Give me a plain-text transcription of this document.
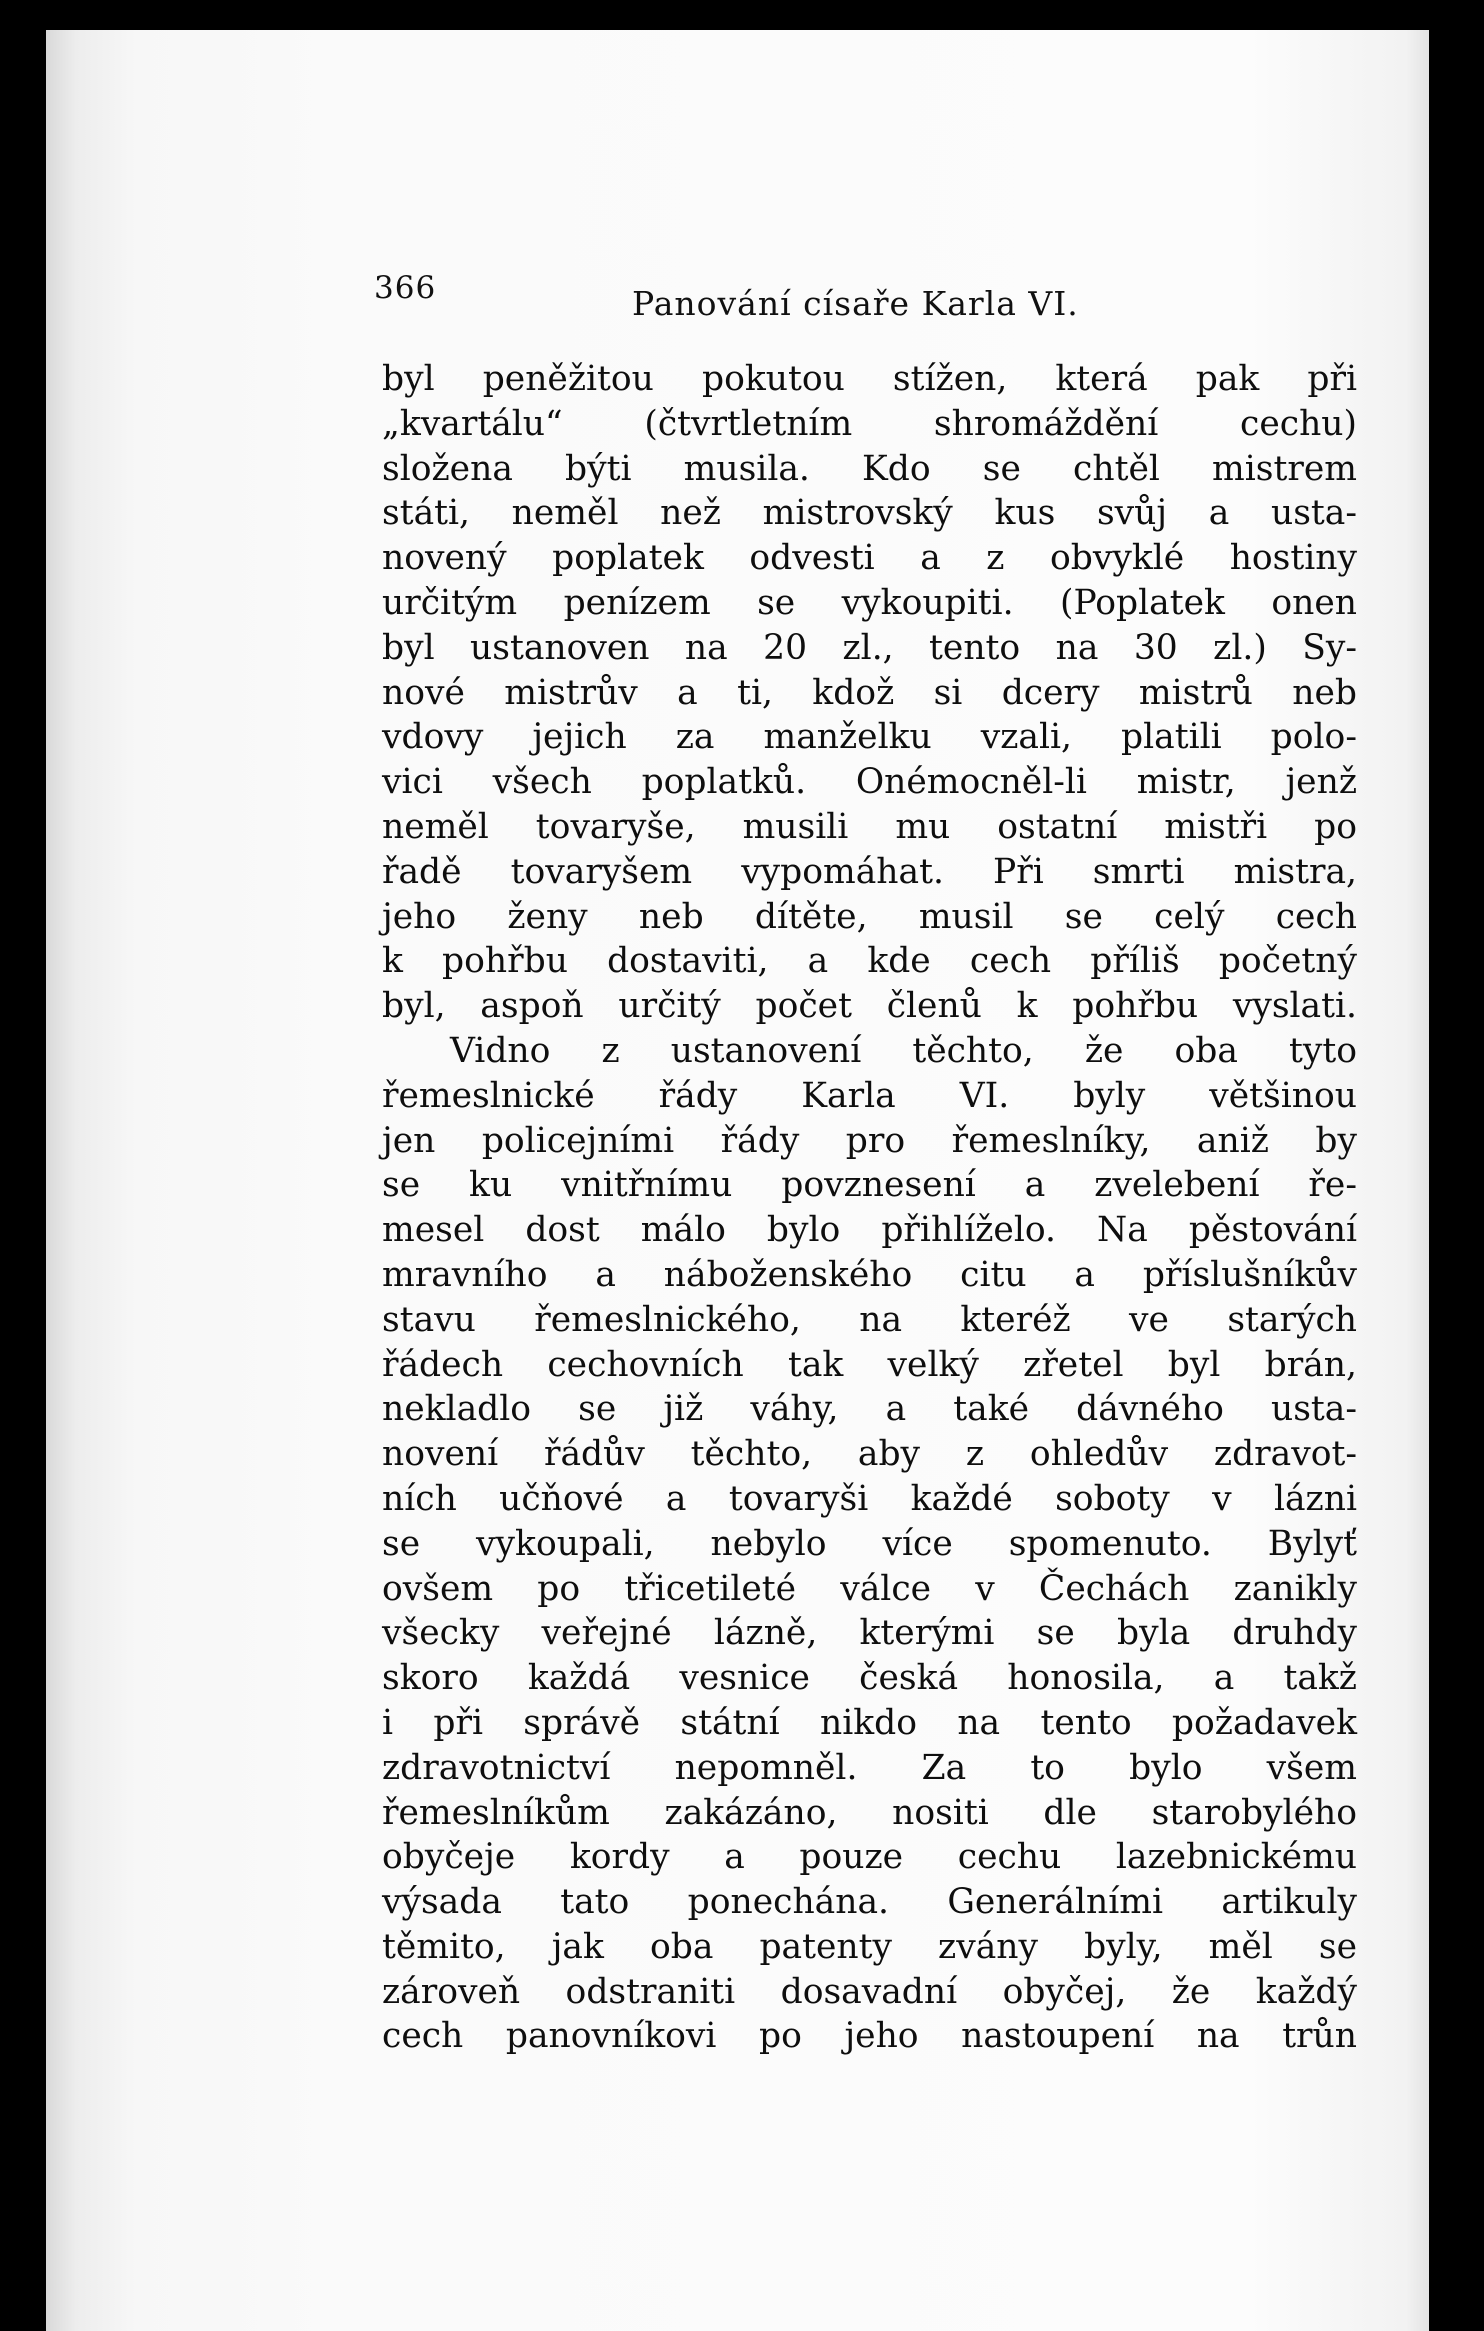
366	Panování císaře Karla VI.
byl peněžitou pokutou stížen, která pak při
„kvartálu“ (čtvrtletním shromáždění cechu)
složena býti musila. Kdo se chtěl mistrem
státi, neměl než mistrovský kus svůj a usta-
novený poplatek odvesti a z obvyklé hostiny
určitým penízem se vykoupiti. (Poplatek onen
byl ustanoven na 20 zl., tento na 30 zl.) Sy-
nové mistrův a ti, kdož si dcery mistrů neb
vdovy jejich za manželku vzali, platili polo-
vici všech poplatků. Onémocněl-li mistr, jenž
neměl tovaryše, musili mu ostatní mistři po
řadě tovaryšem vypomáhat. Při smrti mistra,
jeho ženy neb dítěte, musil se celý cech
k pohřbu dostaviti, a kde cech příliš početný
byl, aspoň určitý počet členů k pohřbu vyslati.
Vidno z ustanovení těchto, že oba tyto
řemeslnické řády Karla VI. byly většinou
jen policejními řády pro řemeslníky, aniž by
se ku vnitřnímu povznesení a zvelebení ře-
mesel dost málo bylo přihlíželo. Na pěstování
mravního a náboženského citu a příslušníkův
stavu řemeslnického, na kteréž ve starých
řádech cechovních tak velký zřetel byl brán,
nekladlo se již váhy, a také dávného usta-
novení řádův těchto, aby z ohledův zdravot-
ních učňové a tovaryši každé soboty v lázni
se vykoupali, nebylo více spomenuto. Bylyť
ovšem po třicetileté válce v Čechách zanikly
všecky veřejné lázně, kterými se byla druhdy
skoro každá vesnice česká honosila, a takž
i při správě státní nikdo na tento požadavek
zdravotnictví nepomněl. Za to bylo všem
řemeslníkům zakázáno, nositi dle starobylého
obyčeje kordy a pouze cechu lazebnickému
výsada tato ponechána. Generálními artikuly
těmito, jak oba patenty zvány byly, měl se
zároveň odstraniti dosavadní obyčej, že každý
cech panovníkovi po jeho nastoupení na trůn
